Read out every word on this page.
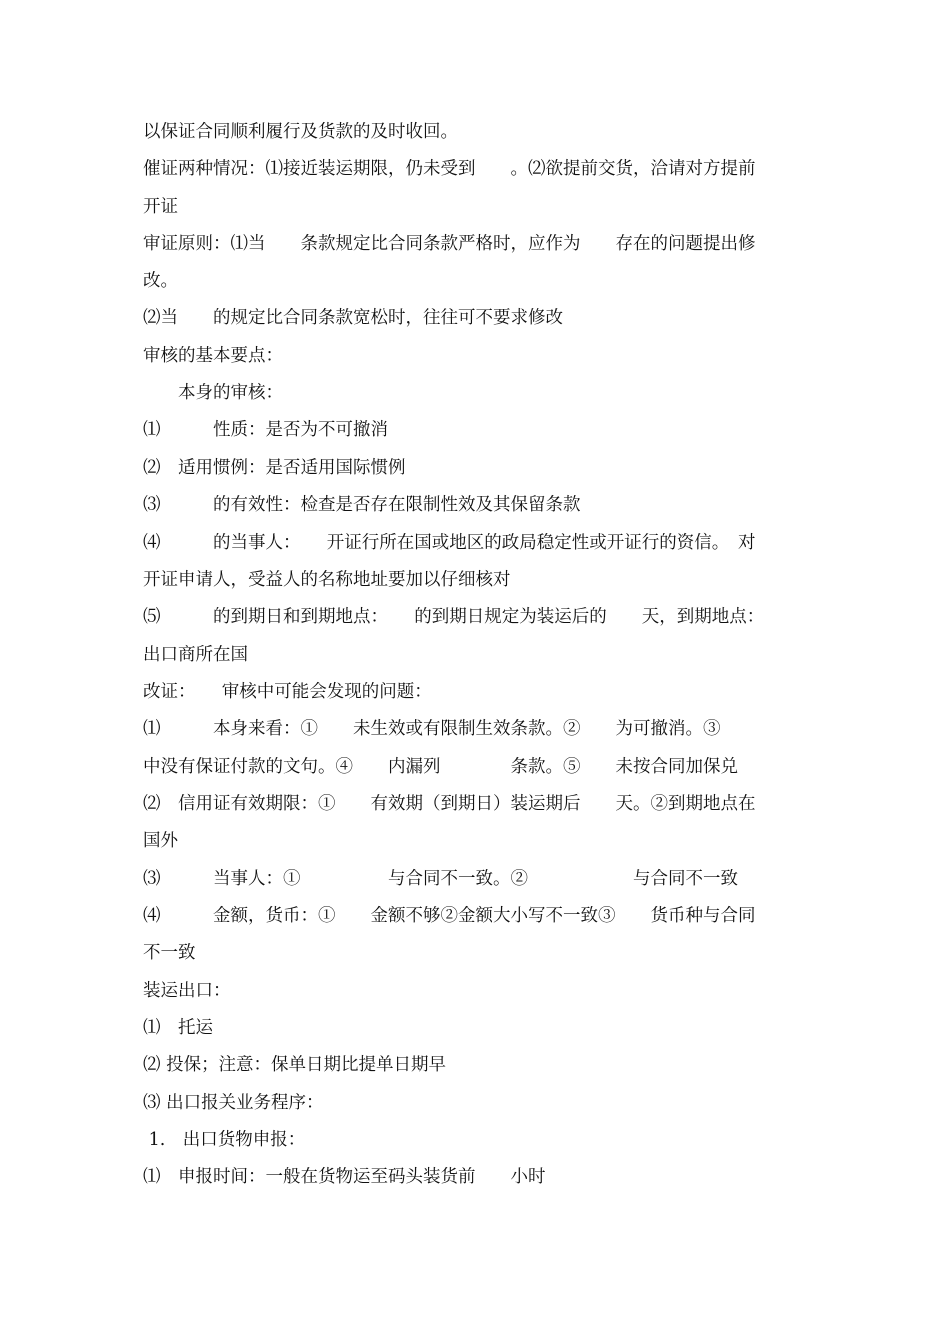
以保证合同顺利履行及货款的及时收回。
催证两种情况：⑴接近装运期限，仍未受到　　。⑵欲提前交货，洽请对方提前
开证
审证原则：⑴当　　条款规定比合同条款严格时，应作为　　存在的问题提出修
改。
⑵当　　的规定比合同条款宽松时，往往可不要求修改
审核的基本要点：
　　本身的审核：
⑴　　　性质：是否为不可撤消
⑵　适用惯例：是否适用国际惯例
⑶　　　的有效性：检查是否存在限制性效及其保留条款
⑷　　　的当事人：　　开证行所在国或地区的政局稳定性或开证行的资信。　对
开证申请人，受益人的名称地址要加以仔细核对
⑸　　　的到期日和到期地点：　　的到期日规定为装运后的　　天，到期地点：
出口商所在国
改证：　　审核中可能会发现的问题：
⑴　　　本身来看：①　　未生效或有限制生效条款。②　　为可撤消。③
中没有保证付款的文句。④　　内漏列　　　　条款。⑤　　未按合同加保兑
⑵　信用证有效期限：①　　有效期（到期日）装运期后　　天。②到期地点在
国外
⑶　　　当事人：①　　　　　与合同不一致。②　　　　　　与合同不一致
⑷　　　金额，货币：①　　金额不够②金额大小写不一致③　　货币种与合同
不一致
装运出口：
⑴　托运
⑵ 投保；注意：保单日期比提单日期早
⑶ 出口报关业务程序：
1.　出口货物申报：
⑴　申报时间：一般在货物运至码头装货前　　小时
